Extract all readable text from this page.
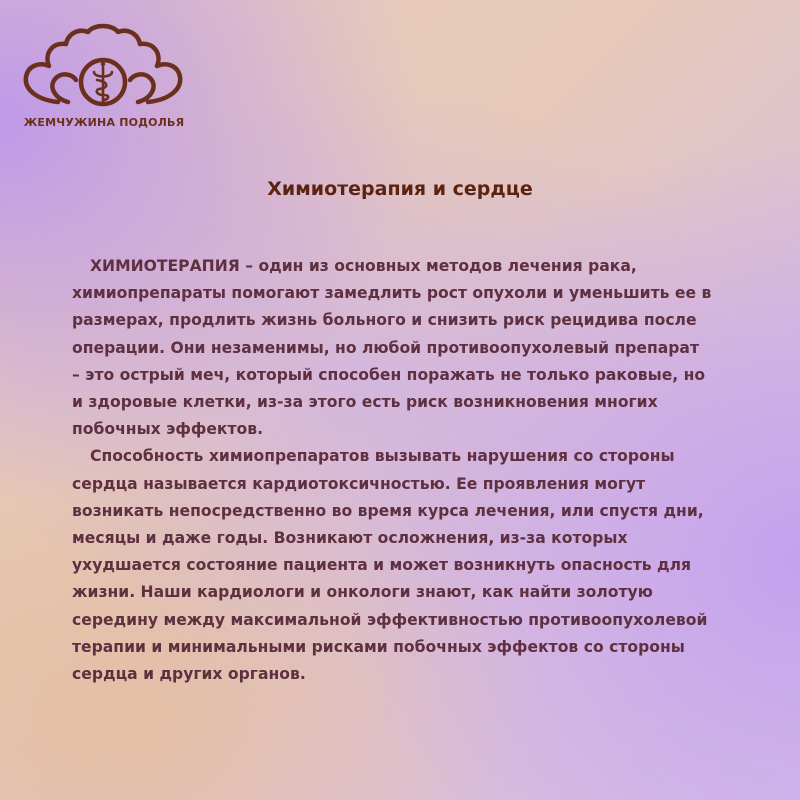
ЖЕМЧУЖИНА ПОДОЛЬЯ
Химиотерапия и сердце

ХИМИОТЕРАПИЯ – один из основных методов лечения рака, химиопрепараты помогают замедлить рост опухоли и уменьшить ее в размерах, продлить жизнь больного и снизить риск рецидива после операции. Они незаменимы, но любой противоопухолевый препарат – это острый меч, который способен поражать не только раковые, но и здоровые клетки, из-за этого есть риск возникновения многих побочных эффектов.

Способность химиопрепаратов вызывать нарушения со стороны сердца называется кардиотоксичностью. Ее проявления могут возникать непосредственно во время курса лечения, или спустя дни, месяцы и даже годы. Возникают осложнения, из-за которых ухудшается состояние пациента и может возникнуть опасность для жизни. Наши кардиологи и онкологи знают, как найти золотую середину между максимальной эффективностью противоопухолевой терапии и минимальными рисками побочных эффектов со стороны сердца и других органов.
